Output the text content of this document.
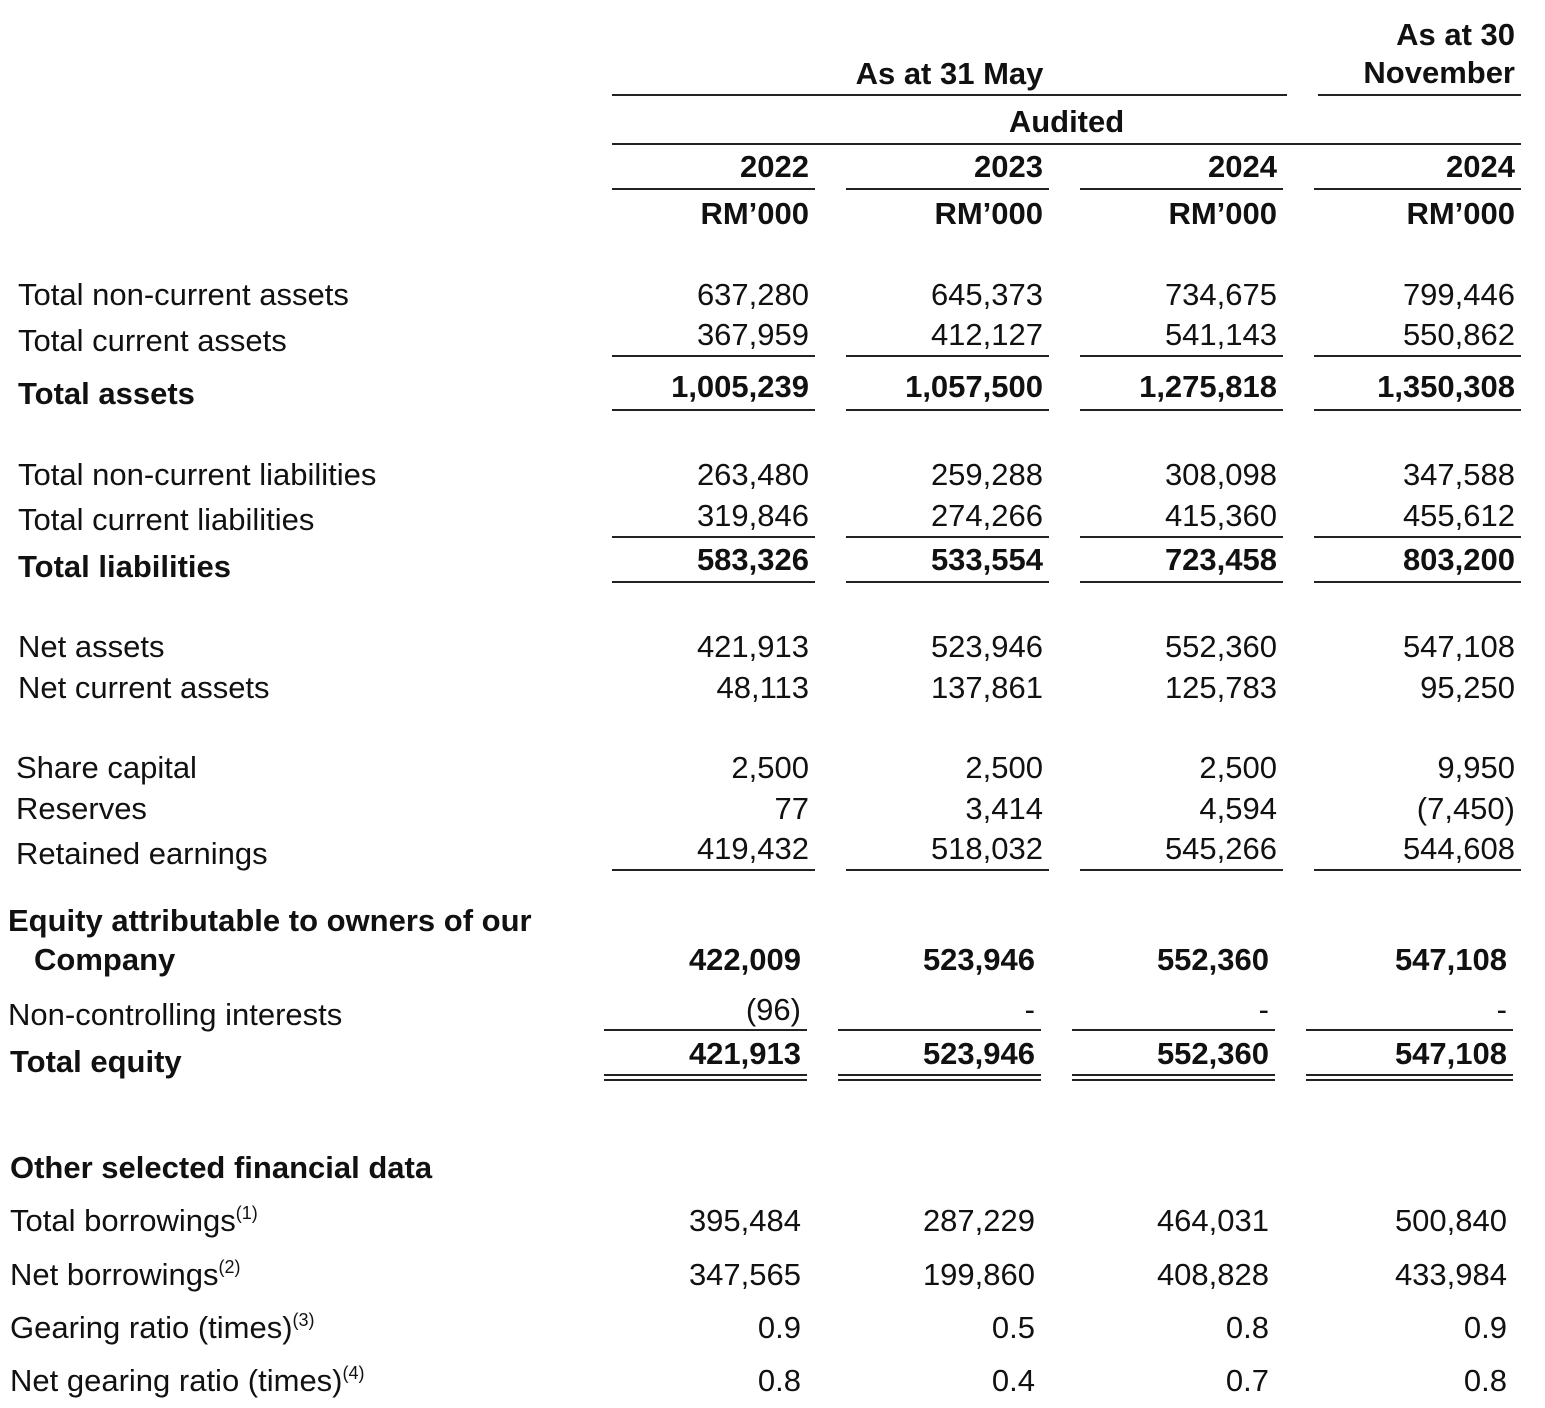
As at 31 May
As at 30
November
Audited
2022	2023	2024	2024
RM’000	RM’000	RM’000	RM’000
Total non-current assets	637,280	645,373	734,675	799,446
Total current assets	367,959	412,127	541,143	550,862
Total assets	1,005,239	1,057,500	1,275,818	1,350,308
Total non-current liabilities	263,480	259,288	308,098	347,588
Total current liabilities	319,846	274,266	415,360	455,612
Total liabilities	583,326	533,554	723,458	803,200
Net assets	421,913	523,946	552,360	547,108
Net current assets	48,113	137,861	125,783	95,250
Share capital	2,500	2,500	2,500	9,950
Reserves	77	3,414	4,594	(7,450)
Retained earnings	419,432	518,032	545,266	544,608
Equity attributable to owners of our
Company	422,009	523,946	552,360	547,108
Non-controlling interests	(96)	-	-	-
Total equity	421,913	523,946	552,360	547,108
Other selected financial data
Total borrowings$^{(1)}$	395,484	287,229	464,031	500,840
Net borrowings$^{(2)}$	347,565	199,860	408,828	433,984
Gearing ratio (times)$^{(3)}$	0.9	0.5	0.8	0.9
Net gearing ratio (times)$^{(4)}$	0.8	0.4	0.7	0.8
